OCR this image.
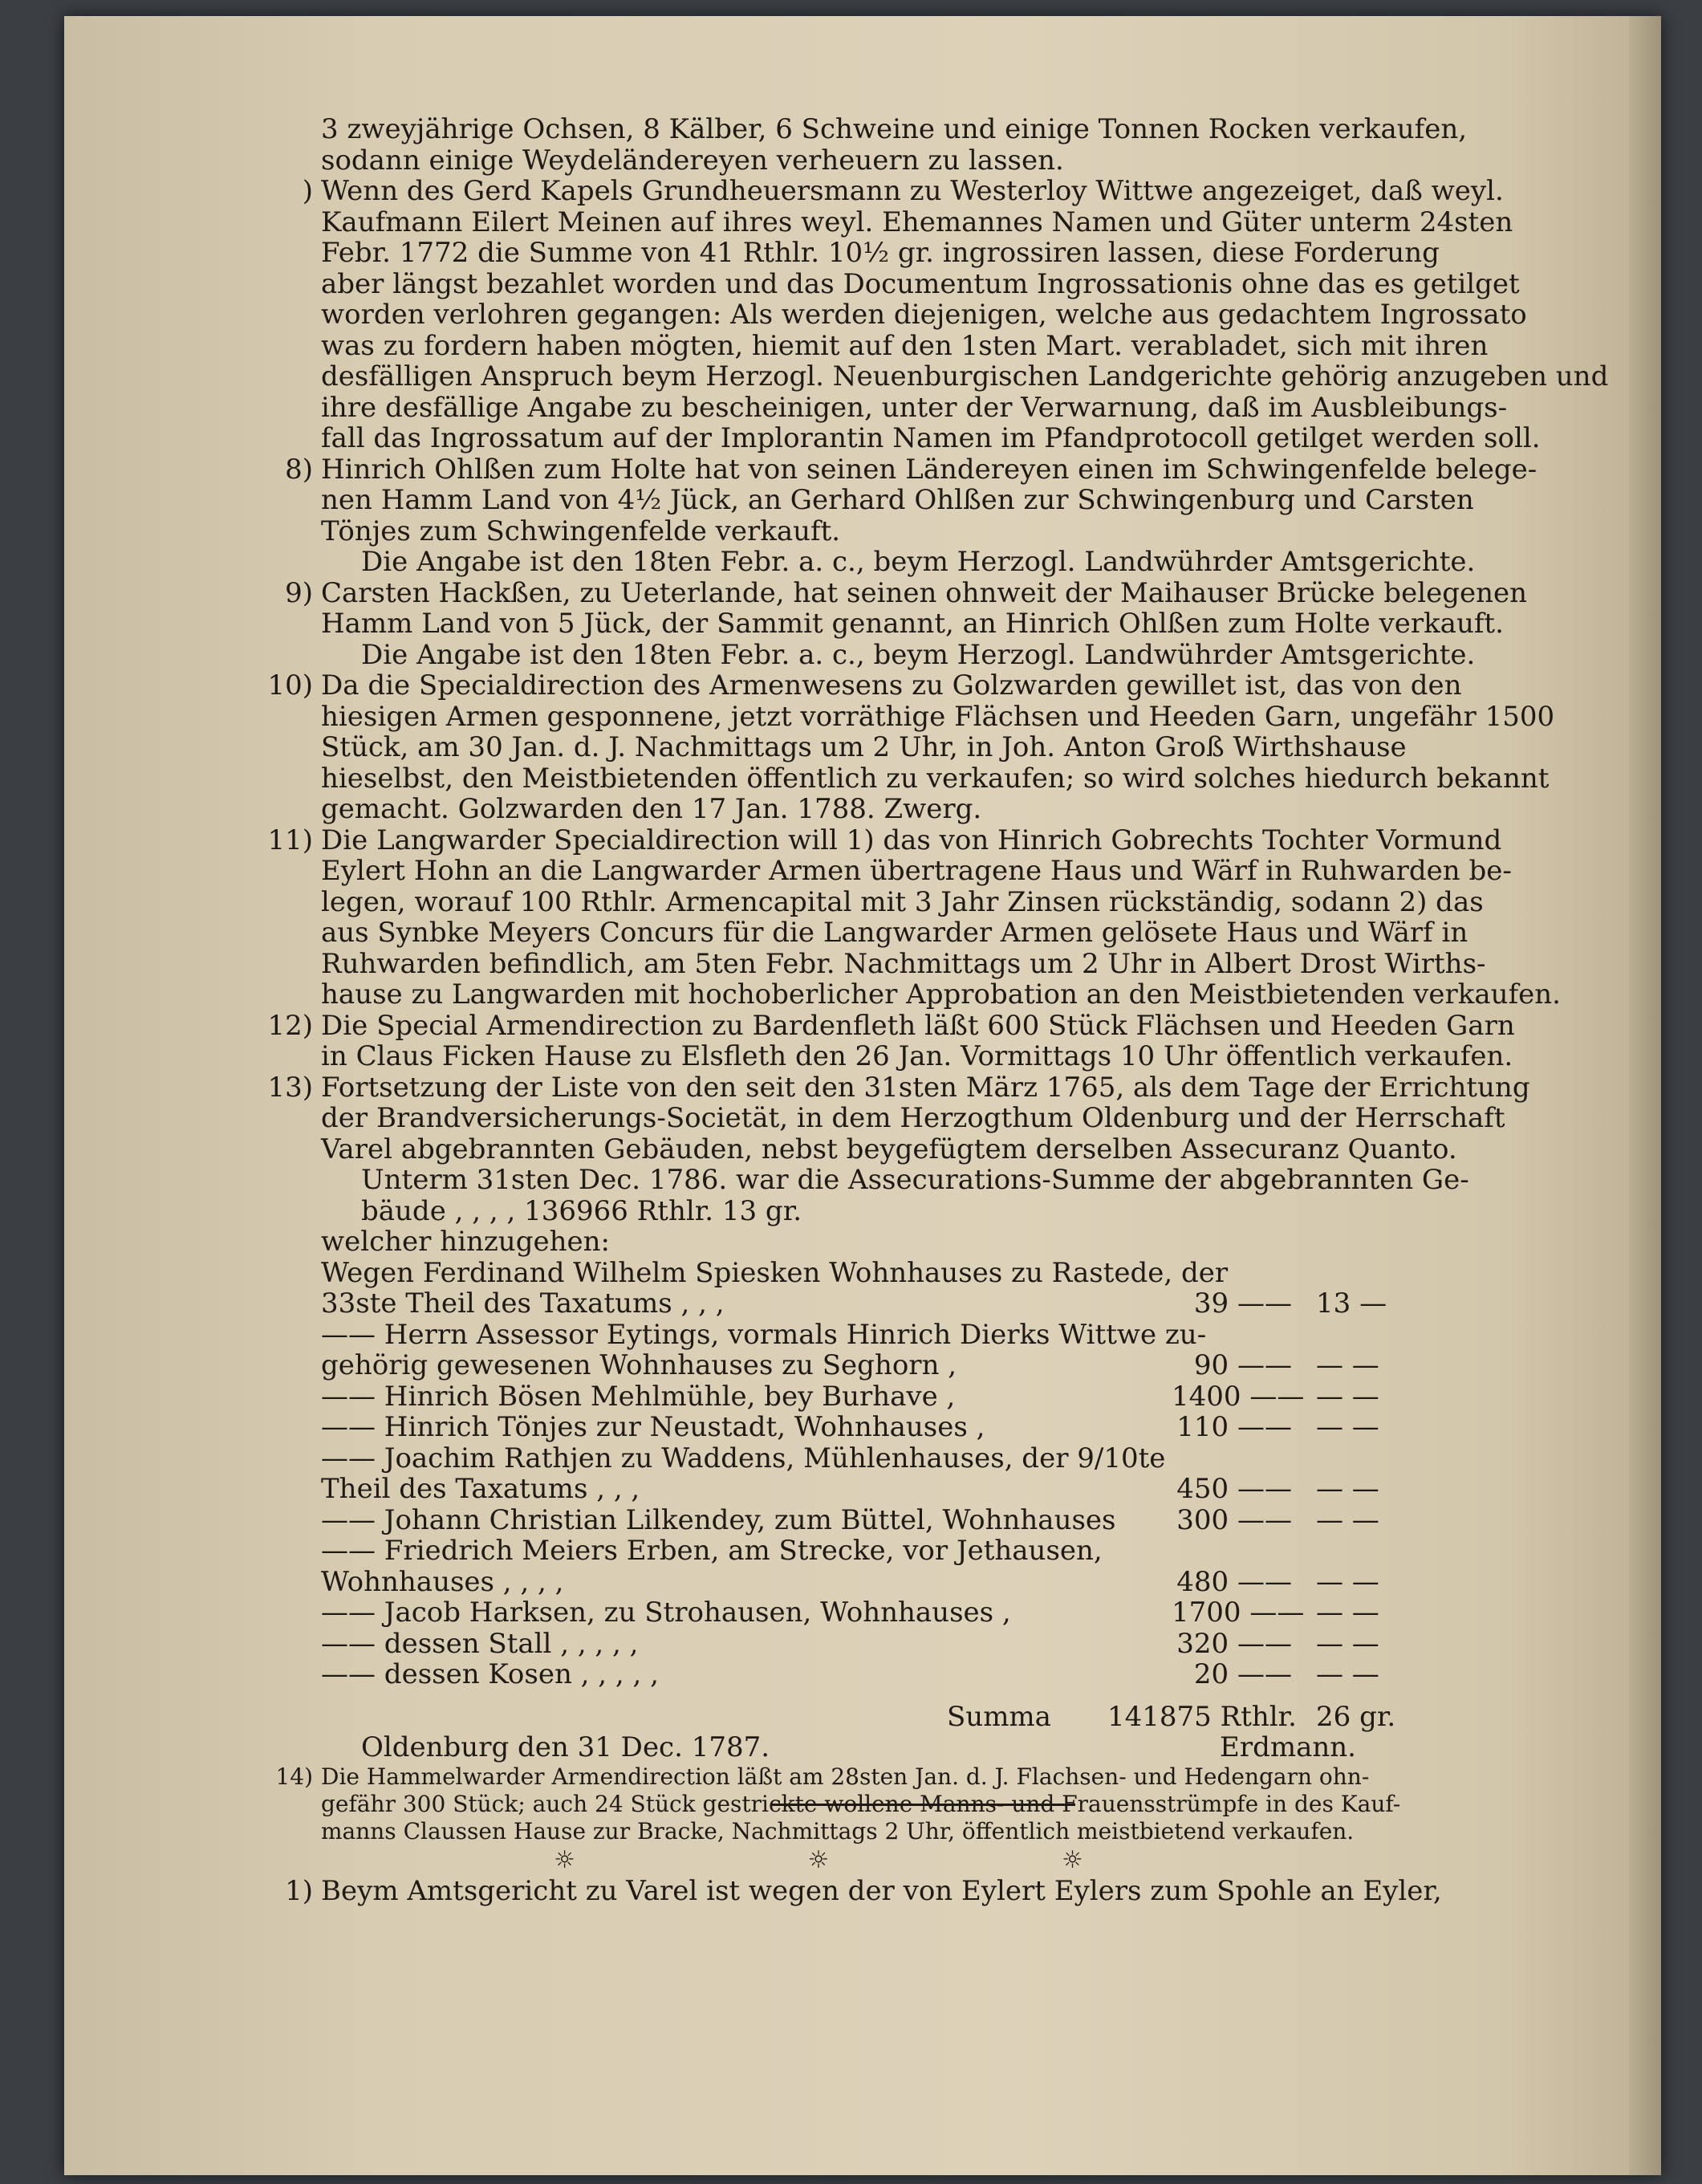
3 zweyjährige Ochsen, 8 Kälber, 6 Schweine und einige Tonnen Rocken verkaufen,
sodann einige Weydeländereyen verheuern zu lassen.
) Wenn des Gerd Kapels Grundheuersmann zu Westerloy Wittwe angezeiget, daß weyl.
Kaufmann Eilert Meinen auf ihres weyl. Ehemannes Namen und Güter unterm 24sten
Febr. 1772 die Summe von 41 Rthlr. 10½ gr. ingrossiren lassen, diese Forderung
aber längst bezahlet worden und das Documentum Ingrossationis ohne das es getilget
worden verlohren gegangen: Als werden diejenigen, welche aus gedachtem Ingrossato
was zu fordern haben mögten, hiemit auf den 1sten Mart. verabladet, sich mit ihren
desfälligen Anspruch beym Herzogl. Neuenburgischen Landgerichte gehörig anzugeben und
ihre desfällige Angabe zu bescheinigen, unter der Verwarnung, daß im Ausbleibungs-
fall das Ingrossatum auf der Implorantin Namen im Pfandprotocoll getilget werden soll.
8) Hinrich Ohlßen zum Holte hat von seinen Ländereyen einen im Schwingenfelde belege-
nen Hamm Land von 4½ Jück, an Gerhard Ohlßen zur Schwingenburg und Carsten
Tönjes zum Schwingenfelde verkauft.
Die Angabe ist den 18ten Febr. a. c., beym Herzogl. Landwührder Amtsgerichte.
9) Carsten Hackßen, zu Ueterlande, hat seinen ohnweit der Maihauser Brücke belegenen
Hamm Land von 5 Jück, der Sammit genannt, an Hinrich Ohlßen zum Holte verkauft.
Die Angabe ist den 18ten Febr. a. c., beym Herzogl. Landwührder Amtsgerichte.
10) Da die Specialdirection des Armenwesens zu Golzwarden gewillet ist, das von den
hiesigen Armen gesponnene, jetzt vorräthige Flächsen und Heeden Garn, ungefähr 1500
Stück, am 30 Jan. d. J. Nachmittags um 2 Uhr, in Joh. Anton Groß Wirthshause
hieselbst, den Meistbietenden öffentlich zu verkaufen; so wird solches hiedurch bekannt
gemacht. Golzwarden den 17 Jan. 1788. Zwerg.
11) Die Langwarder Specialdirection will 1) das von Hinrich Gobrechts Tochter Vormund
Eylert Hohn an die Langwarder Armen übertragene Haus und Wärf in Ruhwarden be-
legen, worauf 100 Rthlr. Armencapital mit 3 Jahr Zinsen rückständig, sodann 2) das
aus Synbke Meyers Concurs für die Langwarder Armen gelösete Haus und Wärf in
Ruhwarden befindlich, am 5ten Febr. Nachmittags um 2 Uhr in Albert Drost Wirths-
hause zu Langwarden mit hochoberlicher Approbation an den Meistbietenden verkaufen.
12) Die Special Armendirection zu Bardenfleth läßt 600 Stück Flächsen und Heeden Garn
in Claus Ficken Hause zu Elsfleth den 26 Jan. Vormittags 10 Uhr öffentlich verkaufen.
13) Fortsetzung der Liste von den seit den 31sten März 1765, als dem Tage der Errichtung
der Brandversicherungs-Societät, in dem Herzogthum Oldenburg und der Herrschaft
Varel abgebrannten Gebäuden, nebst beygefügtem derselben Assecuranz Quanto.
Unterm 31sten Dec. 1786. war die Assecurations-Summe der abgebrannten Ge-
bäude , , , , 136966 Rthlr. 13 gr.
welcher hinzugehen:
Wegen Ferdinand Wilhelm Spiesken Wohnhauses zu Rastede, der
33ste Theil des Taxatums , , ,	39 —— 13 —
—— Herrn Assessor Eytings, vormals Hinrich Dierks Wittwe zu-
gehörig gewesenen Wohnhauses zu Seghorn ,	90 —— — —
—— Hinrich Bösen Mehlmühle, bey Burhave ,	1400 —— — —
—— Hinrich Tönjes zur Neustadt, Wohnhauses ,	110 —— — —
—— Joachim Rathjen zu Waddens, Mühlenhauses, der 9/10te
Theil des Taxatums , , ,	450 —— — —
—— Johann Christian Lilkendey, zum Büttel, Wohnhauses 300 —— — —
—— Friedrich Meiers Erben, am Strecke, vor Jethausen,
Wohnhauses , , , ,	480 —— — —
—— Jacob Harksen, zu Strohausen, Wohnhauses ,	1700 —— — —
—— dessen Stall , , , , ,	320 —— — —
—— dessen Kosen , , , , ,	20 —— — —
Summa 141875 Rthlr. 26 gr.
Oldenburg den 31 Dec. 1787.	Erdmann.
14) Die Hammelwarder Armendirection läßt am 28sten Jan. d. J. Flachsen- und Hedengarn ohn-
gefähr 300 Stück; auch 24 Stück gestrickte wollene Manns- und Frauensstrümpfe in des Kauf-
manns Claussen Hause zur Bracke, Nachmittags 2 Uhr, öffentlich meistbietend verkaufen.
☼ ☼ ☼
1) Beym Amtsgericht zu Varel ist wegen der von Eylert Eylers zum Spohle an Eyler,
